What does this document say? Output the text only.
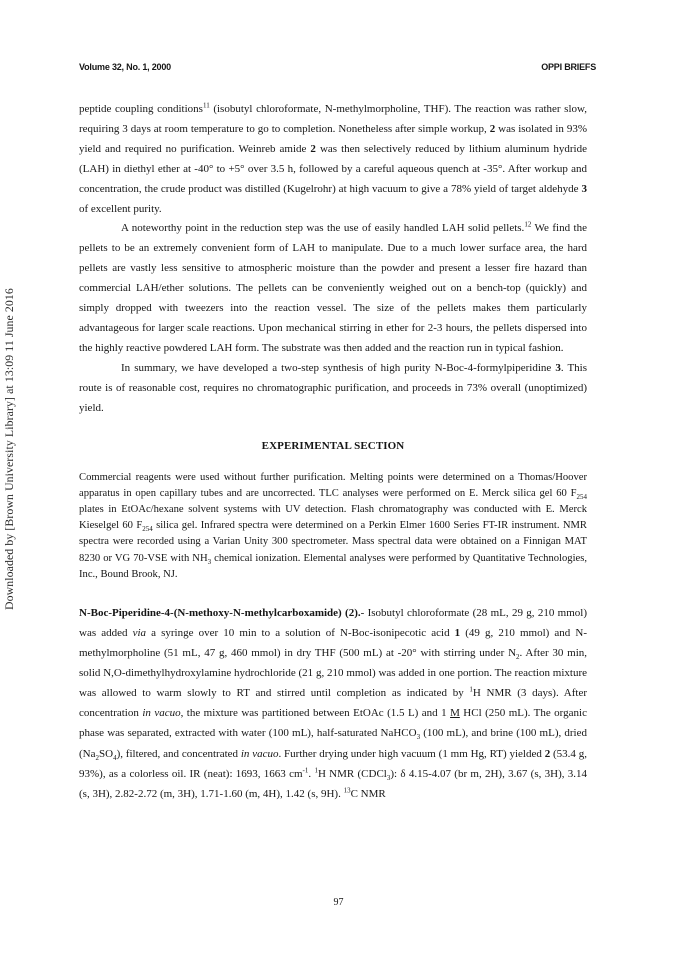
Downloaded by [Brown University Library] at 13:09 11 June 2016
Volume 32, No. 1, 2000	OPPI BRIEFS

peptide coupling conditions$^{11}$ (isobutyl chloroformate, N-methylmorpholine, THF). The reaction was rather slow, requiring 3 days at room temperature to go to completion. Nonetheless after simple workup, 2 was isolated in 93% yield and required no purification. Weinreb amide 2 was then selectively reduced by lithium aluminum hydride (LAH) in diethyl ether at -40° to +5° over 3.5 h, followed by a careful aqueous quench at -35°. After workup and concentration, the crude product was distilled (Kugelrohr) at high vacuum to give a 78% yield of target aldehyde 3 of excellent purity.

A noteworthy point in the reduction step was the use of easily handled LAH solid pellets.$^{12}$ We find the pellets to be an extremely convenient form of LAH to manipulate. Due to a much lower surface area, the hard pellets are vastly less sensitive to atmospheric moisture than the powder and present a lesser fire hazard than commercial LAH/ether solutions. The pellets can be conveniently weighed out on a bench-top (quickly) and simply dropped with tweezers into the reaction vessel. The size of the pellets makes them particularly advantageous for larger scale reactions. Upon mechanical stirring in ether for 2-3 hours, the pellets dispersed into the highly reactive powdered LAH form. The substrate was then added and the reaction run in typical fashion.

In summary, we have developed a two-step synthesis of high purity N-Boc-4-formylpiperidine 3. This route is of reasonable cost, requires no chromatographic purification, and proceeds in 73% overall (unoptimized) yield.

EXPERIMENTAL SECTION

Commercial reagents were used without further purification. Melting points were determined on a Thomas/Hoover apparatus in open capillary tubes and are uncorrected. TLC analyses were performed on E. Merck silica gel 60 $F_{254}$ plates in EtOAc/hexane solvent systems with UV detection. Flash chromatography was conducted with E. Merck Kieselgel 60 $F_{254}$ silica gel. Infrared spectra were determined on a Perkin Elmer 1600 Series FT-IR instrument. NMR spectra were recorded using a Varian Unity 300 spectrometer. Mass spectral data were obtained on a Finnigan MAT 8230 or VG 70-VSE with $NH_3$ chemical ionization. Elemental analyses were performed by Quantitative Technologies, Inc., Bound Brook, NJ.

N-Boc-Piperidine-4-(N-methoxy-N-methylcarboxamide) (2).- Isobutyl chloroformate (28 mL, 29 g, 210 mmol) was added via a syringe over 10 min to a solution of N-Boc-isonipecotic acid 1 (49 g, 210 mmol) and N-methylmorpholine (51 mL, 47 g, 460 mmol) in dry THF (500 mL) at -20° with stirring under $N_2$. After 30 min, solid N,O-dimethylhydroxylamine hydrochloride (21 g, 210 mmol) was added in one portion. The reaction mixture was allowed to warm slowly to RT and stirred until completion as indicated by $^1$H NMR (3 days). After concentration in vacuo, the mixture was partitioned between EtOAc (1.5 L) and 1 M HCl (250 mL). The organic phase was separated, extracted with water (100 mL), half-saturated NaHCO$_3$ (100 mL), and brine (100 mL), dried $(Na_2SO_4)$, filtered, and concentrated in vacuo. Further drying under high vacuum (1 mm Hg, RT) yielded 2 (53.4 g, 93%), as a colorless oil. IR (neat): 1693, 1663 $cm^{-1}$. $^1$H NMR (CDCl$_3$): δ 4.15-4.07 (br m, 2H), 3.67 (s, 3H), 3.14 (s, 3H), 2.82-2.72 (m, 3H), 1.71-1.60 (m, 4H), 1.42 (s, 9H). $^{13}$C NMR

97
